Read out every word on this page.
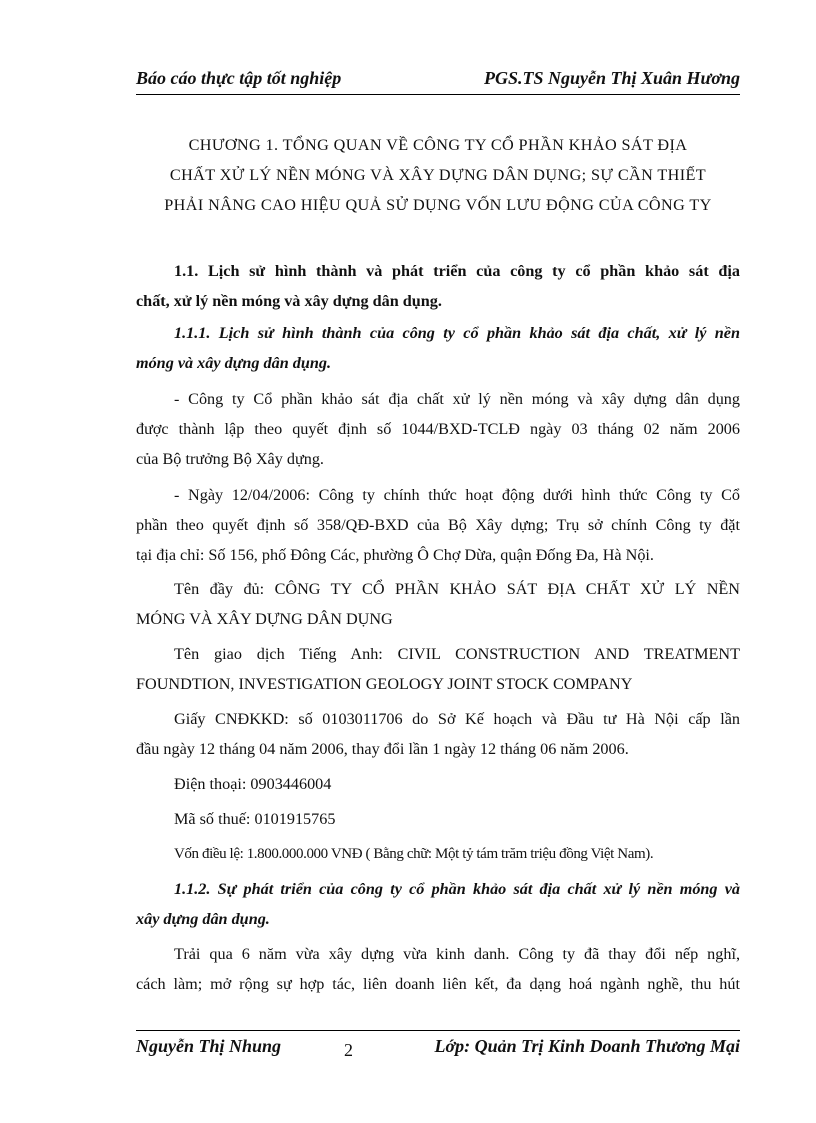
Báo cáo thực tập tốt nghiệp	PGS.TS Nguyễn Thị Xuân Hương
CHƯƠNG 1. TỔNG QUAN VỀ CÔNG TY CỔ PHẦN KHẢO SÁT ĐỊA
CHẤT XỬ LÝ NỀN MÓNG VÀ XÂY DỰNG DÂN DỤNG; SỰ CẦN THIẾT
PHẢI NÂNG CAO HIỆU QUẢ SỬ DỤNG VỐN LƯU ĐỘNG CỦA CÔNG TY
1.1. Lịch sử hình thành và phát triển của công ty cổ phần khảo sát địa
chất, xử lý nền móng và xây dựng dân dụng.
1.1.1. Lịch sử hình thành của công ty cổ phần khảo sát địa chất, xử lý nền
móng và xây dựng dân dụng.
- Công ty Cổ phần khảo sát địa chất xử lý nền móng và xây dựng dân dụng
được thành lập theo quyết định số 1044/BXD-TCLĐ ngày 03 tháng 02 năm 2006
của Bộ trưởng Bộ Xây dựng.
- Ngày 12/04/2006: Công ty chính thức hoạt động dưới hình thức Công ty Cổ
phần theo quyết định số 358/QĐ-BXD của Bộ Xây dựng; Trụ sở chính Công ty đặt
tại địa chỉ: Số 156, phố Đông Các, phường Ô Chợ Dừa, quận Đống Đa, Hà Nội.
Tên đầy đủ: CÔNG TY CỔ PHẦN KHẢO SÁT ĐỊA CHẤT XỬ LÝ NỀN
MÓNG VÀ XÂY DỰNG DÂN DỤNG
Tên giao dịch Tiếng Anh: CIVIL CONSTRUCTION AND TREATMENT
FOUNDTION, INVESTIGATION GEOLOGY JOINT STOCK COMPANY
Giấy CNĐKKD: số 0103011706 do Sở Kế hoạch và Đầu tư Hà Nội cấp lần
đầu ngày 12 tháng 04 năm 2006, thay đổi lần 1 ngày 12 tháng 06 năm 2006.
Điện thoại: 0903446004
Mã số thuế: 0101915765
Vốn điều lệ: 1.800.000.000 VNĐ ( Bằng chữ: Một tỷ tám trăm triệu đồng Việt Nam).
1.1.2. Sự phát triển của công ty cổ phần khảo sát địa chất xử lý nền móng và
xây dựng dân dụng.
Trải qua 6 năm vừa xây dựng vừa kinh danh. Công ty đã thay đổi nếp nghĩ,
cách làm; mở rộng sự hợp tác, liên doanh liên kết, đa dạng hoá ngành nghề, thu hút
Nguyễn Thị Nhung	2	Lớp: Quản Trị Kinh Doanh Thương Mại
